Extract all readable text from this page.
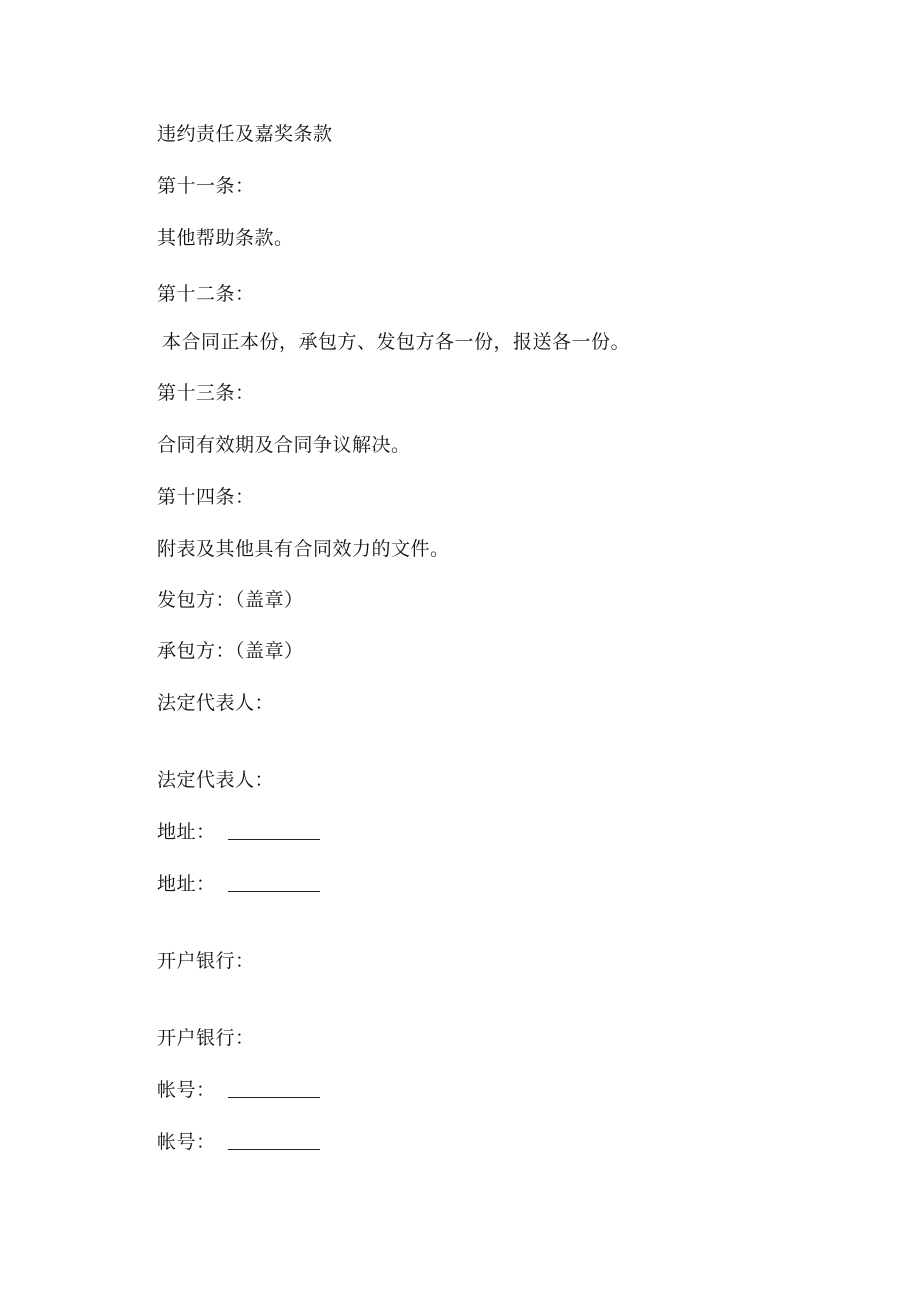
违约责任及嘉奖条款
第十一条：
其他帮助条款。
第十二条：
本合同正本份，承包方、发包方各一份，报送各一份。
第十三条：
合同有效期及合同争议解决。
第十四条：
附表及其他具有合同效力的文件。
发包方：（盖章）
承包方：（盖章）
法定代表人：
法定代表人：
地址：
地址：
开户银行：
开户银行：
帐号：
帐号：
